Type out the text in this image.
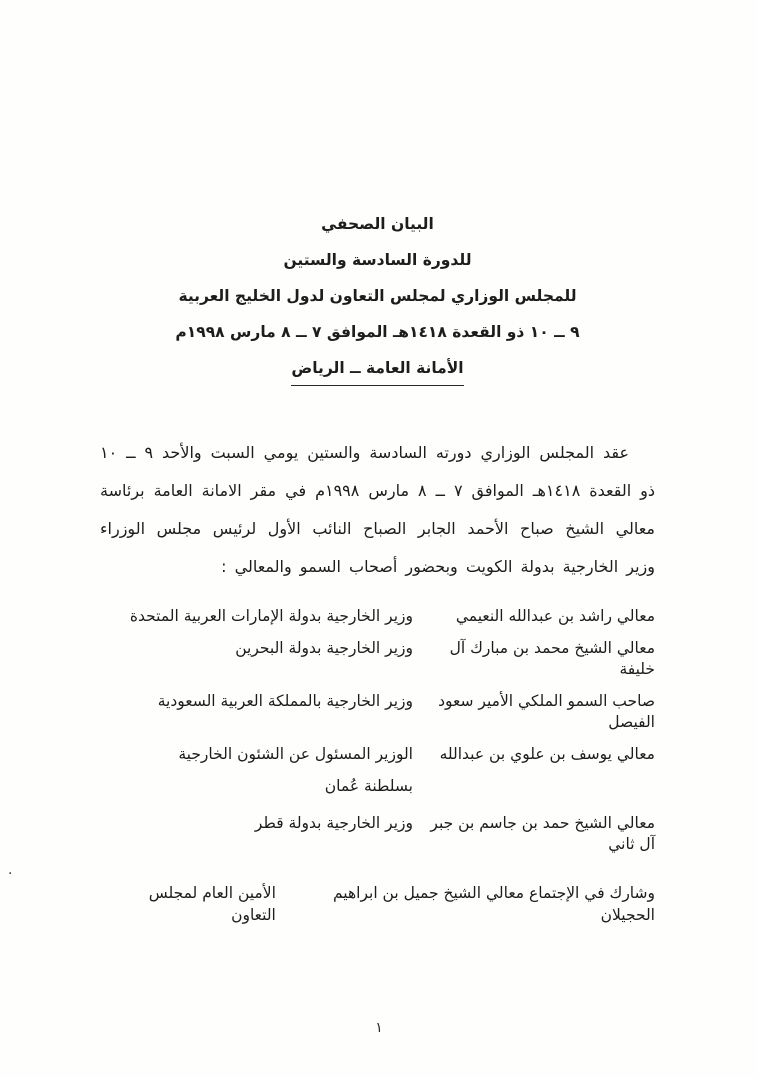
البيان الصحفي
للدورة السادسة والستين
للمجلس الوزاري لمجلس التعاون لدول الخليج العربية
٩ ــ ١٠ ذو القعدة ١٤١٨هـ الموافق ٧ ــ ٨ مارس ١٩٩٨م
الأمانة العامة ــ الرياض

عقد المجلس الوزاري دورته السادسة والستين يومي السبت والأحد ٩ ــ ١٠ ذو القعدة ١٤١٨هـ الموافق ٧ ــ ٨ مارس ١٩٩٨م في مقر الامانة العامة برئاسة معالي الشيخ صباح الأحمد الجابر الصباح النائب الأول لرئيس مجلس الوزراء وزير الخارجية بدولة الكويت وبحضور أصحاب السمو والمعالي :

معالي راشد بن عبدالله النعيمي
وزير الخارجية بدولة الإمارات العربية المتحدة
معالي الشيخ محمد بن مبارك آل خليفة
وزير الخارجية بدولة البحرين
صاحب السمو الملكي الأمير سعود الفيصل
وزير الخارجية بالمملكة العربية السعودية
معالي يوسف بن علوي بن عبدالله
الوزير المسئول عن الشئون الخارجية
بسلطنة عُمان
معالي الشيخ حمد بن جاسم بن جبر آل ثاني
وزير الخارجية بدولة قطر
وشارك في الإجتماع معالي الشيخ جميل بن ابراهيم الحجيلان
الأمين العام لمجلس التعاون
.
١
